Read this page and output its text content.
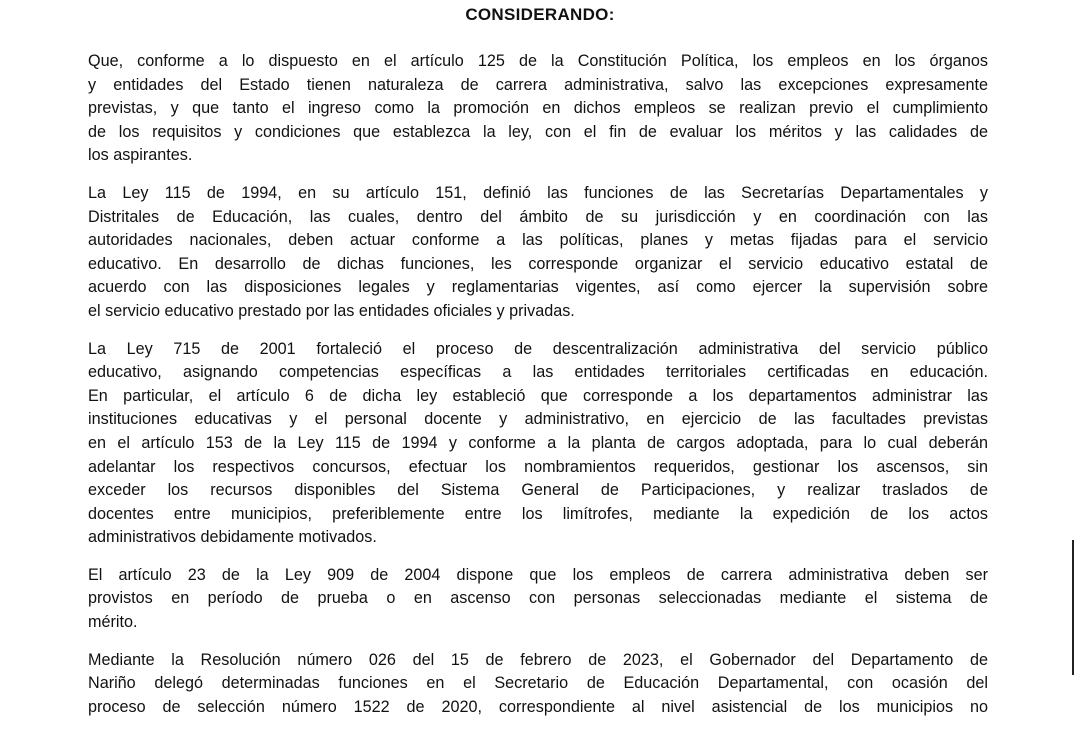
CONSIDERANDO:

Que, conforme a lo dispuesto en el artículo 125 de la Constitución Política, los empleos en los órganos
y entidades del Estado tienen naturaleza de carrera administrativa, salvo las excepciones expresamente
previstas, y que tanto el ingreso como la promoción en dichos empleos se realizan previo el cumplimiento
de los requisitos y condiciones que establezca la ley, con el fin de evaluar los méritos y las calidades de
los aspirantes.

La Ley 115 de 1994, en su artículo 151, definió las funciones de las Secretarías Departamentales y
Distritales de Educación, las cuales, dentro del ámbito de su jurisdicción y en coordinación con las
autoridades nacionales, deben actuar conforme a las políticas, planes y metas fijadas para el servicio
educativo. En desarrollo de dichas funciones, les corresponde organizar el servicio educativo estatal de
acuerdo con las disposiciones legales y reglamentarias vigentes, así como ejercer la supervisión sobre
el servicio educativo prestado por las entidades oficiales y privadas.

La Ley 715 de 2001 fortaleció el proceso de descentralización administrativa del servicio público
educativo, asignando competencias específicas a las entidades territoriales certificadas en educación.
En particular, el artículo 6 de dicha ley estableció que corresponde a los departamentos administrar las
instituciones educativas y el personal docente y administrativo, en ejercicio de las facultades previstas
en el artículo 153 de la Ley 115 de 1994 y conforme a la planta de cargos adoptada, para lo cual deberán
adelantar los respectivos concursos, efectuar los nombramientos requeridos, gestionar los ascensos, sin
exceder los recursos disponibles del Sistema General de Participaciones, y realizar traslados de
docentes entre municipios, preferiblemente entre los limítrofes, mediante la expedición de los actos
administrativos debidamente motivados.

El artículo 23 de la Ley 909 de 2004 dispone que los empleos de carrera administrativa deben ser
provistos en período de prueba o en ascenso con personas seleccionadas mediante el sistema de
mérito.

Mediante la Resolución número 026 del 15 de febrero de 2023, el Gobernador del Departamento de
Nariño delegó determinadas funciones en el Secretario de Educación Departamental, con ocasión del
proceso de selección número 1522 de 2020, correspondiente al nivel asistencial de los municipios no
